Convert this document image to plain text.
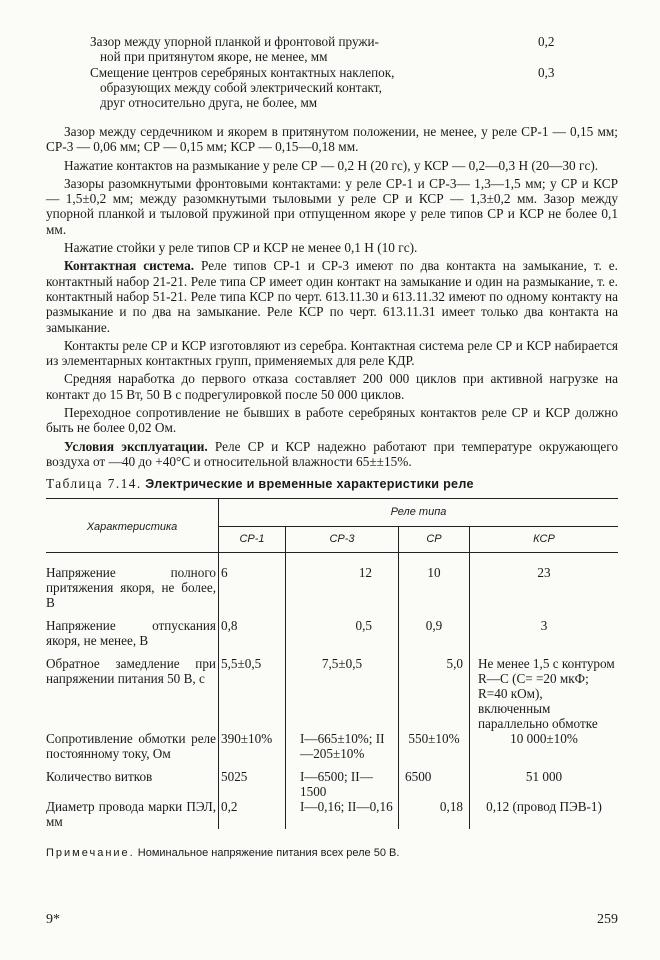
Зазор между упорной планкой и фронтовой пружи-
ной при притянутом якоре, не менее, мм
0,2
Смещение центров серебряных контактных наклепок,
образующих между собой электрический контакт,
друг относительно друга, не более, мм
0,3

Зазор между сердечником и якорем в притянутом положении, не менее, у реле СР-1 — 0,15 мм; СР-3 — 0,06 мм; СР — 0,15 мм; КСР — 0,15—0,18 мм.

Нажатие контактов на размыкание у реле СР — 0,2 Н (20 гс), у КСР — 0,2—0,3 Н (20—30 гс).

Зазоры разомкнутыми фронтовыми контактами: у реле СР-1 и СР-3— 1,3—1,5 мм; у СР и КСР — 1,5±0,2 мм; между разомкнутыми тыловыми у реле СР и КСР — 1,3±0,2 мм. Зазор между упорной планкой и тыловой пружиной при отпущенном якоре у реле типов СР и КСР не более 0,1 мм.

Нажатие стойки у реле типов СР и КСР не менее 0,1 Н (10 гс).

Контактная система. Реле типов СР-1 и СР-3 имеют по два контакта на замыкание, т. е. контактный набор 21-21. Реле типа СР имеет один контакт на замыкание и один на размыкание, т. е. контактный набор 51-21. Реле типа КСР по черт. 613.11.30 и 613.11.32 имеют по одному контакту на размыкание и по два на замыкание. Реле КСР по черт. 613.11.31 имеет только два контакта на замыкание.

Контакты реле СР и КСР изготовляют из серебра. Контактная система реле СР и КСР набирается из элементарных контактных групп, применяемых для реле КДР.

Средняя наработка до первого отказа составляет 200 000 циклов при активной нагрузке на контакт до 15 Вт, 50 В с подрегулировкой после 50 000 циклов.

Переходное сопротивление не бывших в работе серебряных контактов реле СР и КСР должно быть не более 0,02 Ом.

Условия эксплуатации. Реле СР и КСР надежно работают при температуре окружающего воздуха от —40 до +40°С и относительной влажности 65±±15%.

Таблица 7.14. Электрические и временные характеристики реле
Характеристика	Реле типа			
	СР-1	СР-3	СР	КСР
Напряжение полного притяжения якоря, не более, В	6	12	10	23
Напряжение отпускания якоря, не менее, В	0,8	0,5	0,9	3
Обратное замедление при напряжении питания 50 В, с	5,5±0,5	7,5±0,5	5,0	Не менее 1,5 с контуром R—C (C= =20 мкФ; R=40 кОм), включенным параллельно обмотке
Сопротивление обмотки реле постоянному току, Ом	390±10%	I—665±10%; II—205±10%	550±10%	10 000±10%
Количество витков	5025	I—6500; II—1500	6500	51 000
Диаметр провода марки ПЭЛ, мм	0,2	I—0,16; II—0,16	0,18	0,12 (провод ПЭВ-1)
Примечание. Номинальное напряжение питания всех реле 50 В.
9*	259
